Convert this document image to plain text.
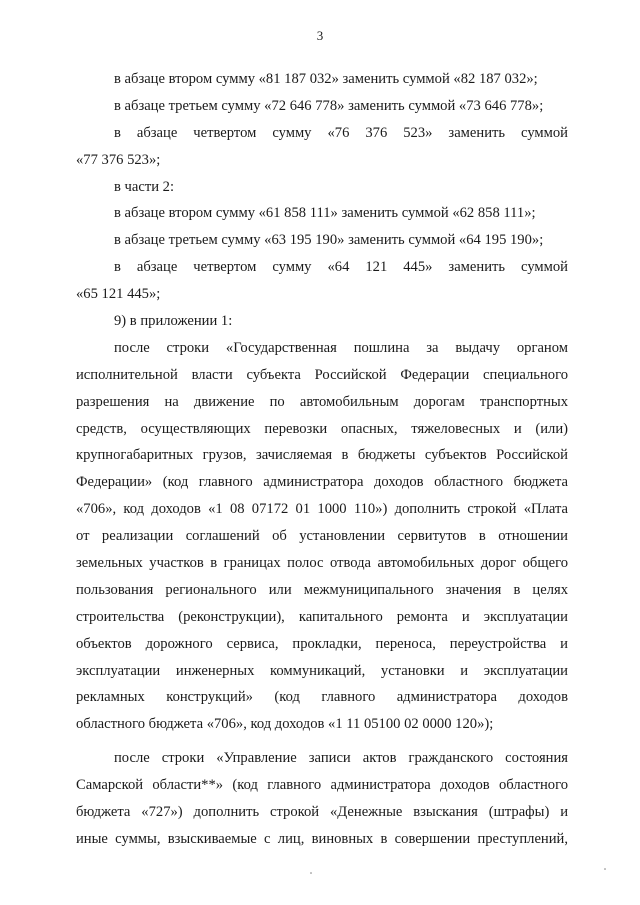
3
в абзаце втором сумму «81 187 032» заменить суммой «82 187 032»;
в абзаце третьем сумму «72 646 778» заменить суммой «73 646 778»;
в абзаце четвертом сумму «76 376 523» заменить суммой
«77 376 523»;
в части 2:
в абзаце втором сумму «61 858 111» заменить суммой «62 858 111»;
в абзаце третьем сумму «63 195 190» заменить суммой «64 195 190»;
в абзаце четвертом сумму «64 121 445» заменить суммой
«65 121 445»;
9) в приложении 1:
после строки «Государственная пошлина за выдачу органом
исполнительной власти субъекта Российской Федерации специального
разрешения на движение по автомобильным дорогам транспортных
средств, осуществляющих перевозки опасных, тяжеловесных и (или)
крупногабаритных грузов, зачисляемая в бюджеты субъектов Российской
Федерации» (код главного администратора доходов областного бюджета
«706», код доходов «1 08 07172 01 1000 110») дополнить строкой «Плата
от реализации соглашений об установлении сервитутов в отношении
земельных участков в границах полос отвода автомобильных дорог общего
пользования регионального или межмуниципального значения в целях
строительства (реконструкции), капитального ремонта и эксплуатации
объектов дорожного сервиса, прокладки, переноса, переустройства и
эксплуатации инженерных коммуникаций, установки и эксплуатации
рекламных конструкций» (код главного администратора доходов
областного бюджета «706», код доходов «1 11 05100 02 0000 120»);
после строки «Управление записи актов гражданского состояния
Самарской области**» (код главного администратора доходов областного
бюджета «727») дополнить строкой «Денежные взыскания (штрафы) и
иные суммы, взыскиваемые с лиц, виновных в совершении преступлений,
